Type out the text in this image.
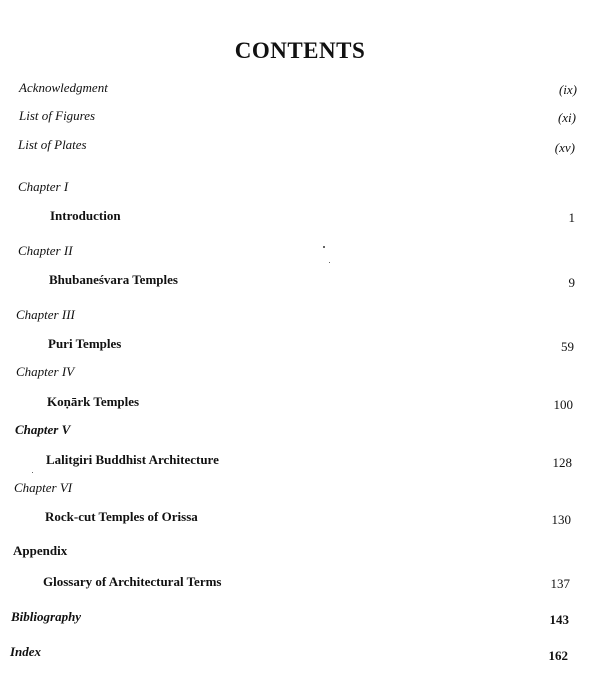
CONTENTS
Acknowledgment	(ix)
List of Figures	(xi)
List of Plates	(xv)
Chapter I
Introduction	1
Chapter II
Bhubaneśvara Temples	9
Chapter III
Puri Temples	59
Chapter IV
Koṇārk Temples	100
Chapter V
Lalitgiri Buddhist Architecture	128
Chapter VI
Rock-cut Temples of Orissa	130
Appendix
Glossary of Architectural Terms	137
Bibliography	143
Index	162
